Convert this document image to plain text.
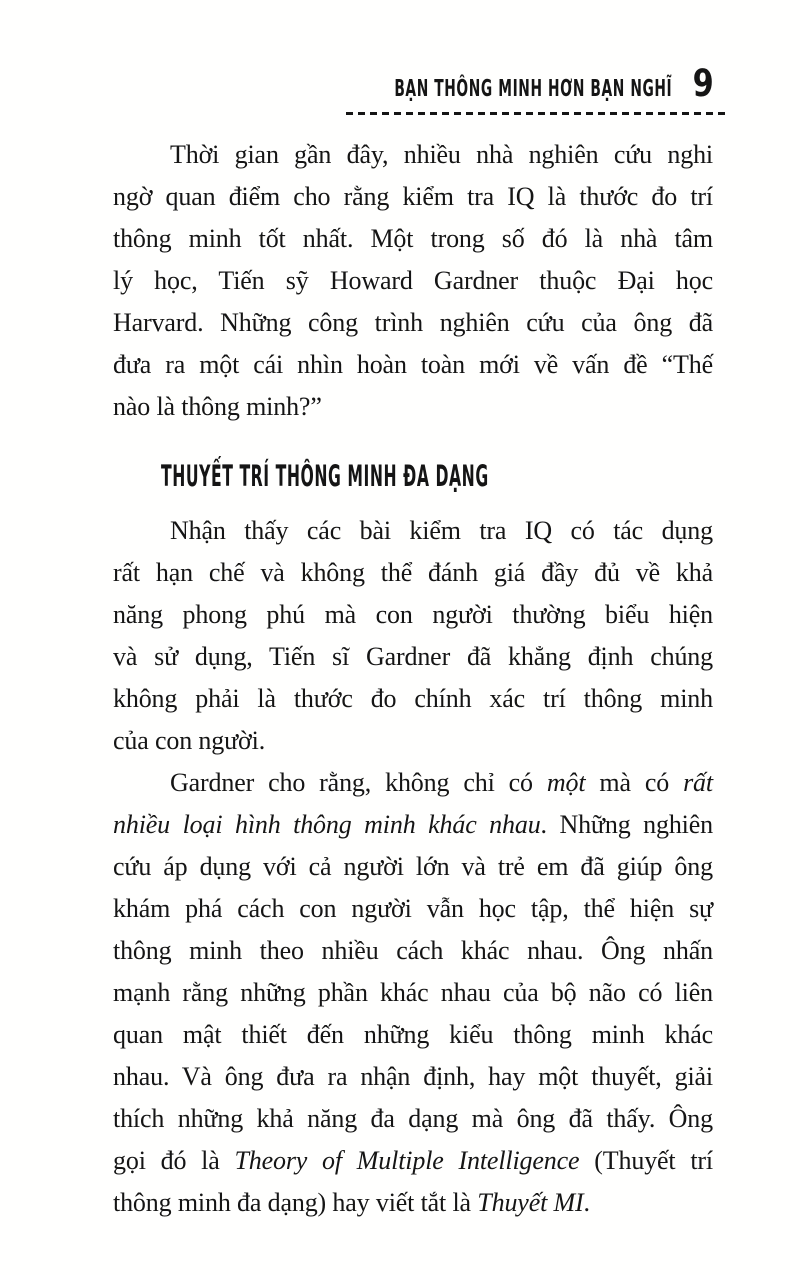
BẠN THÔNG MINH HƠN BẠN NGHĨ 9
Thời gian gần đây, nhiều nhà nghiên cứu nghi
ngờ quan điểm cho rằng kiểm tra IQ là thước đo trí
thông minh tốt nhất. Một trong số đó là nhà tâm
lý học, Tiến sỹ Howard Gardner thuộc Đại học
Harvard. Những công trình nghiên cứu của ông đã
đưa ra một cái nhìn hoàn toàn mới về vấn đề “Thế
nào là thông minh?”
THUYẾT TRÍ THÔNG MINH ĐA DẠNG
Nhận thấy các bài kiểm tra IQ có tác dụng
rất hạn chế và không thể đánh giá đầy đủ về khả
năng phong phú mà con người thường biểu hiện
và sử dụng, Tiến sĩ Gardner đã khẳng định chúng
không phải là thước đo chính xác trí thông minh
của con người.
Gardner cho rằng, không chỉ có một mà có rất
nhiều loại hình thông minh khác nhau. Những nghiên
cứu áp dụng với cả người lớn và trẻ em đã giúp ông
khám phá cách con người vẫn học tập, thể hiện sự
thông minh theo nhiều cách khác nhau. Ông nhấn
mạnh rằng những phần khác nhau của bộ não có liên
quan mật thiết đến những kiểu thông minh khác
nhau. Và ông đưa ra nhận định, hay một thuyết, giải
thích những khả năng đa dạng mà ông đã thấy. Ông
gọi đó là Theory of Multiple Intelligence (Thuyết trí
thông minh đa dạng) hay viết tắt là Thuyết MI.
